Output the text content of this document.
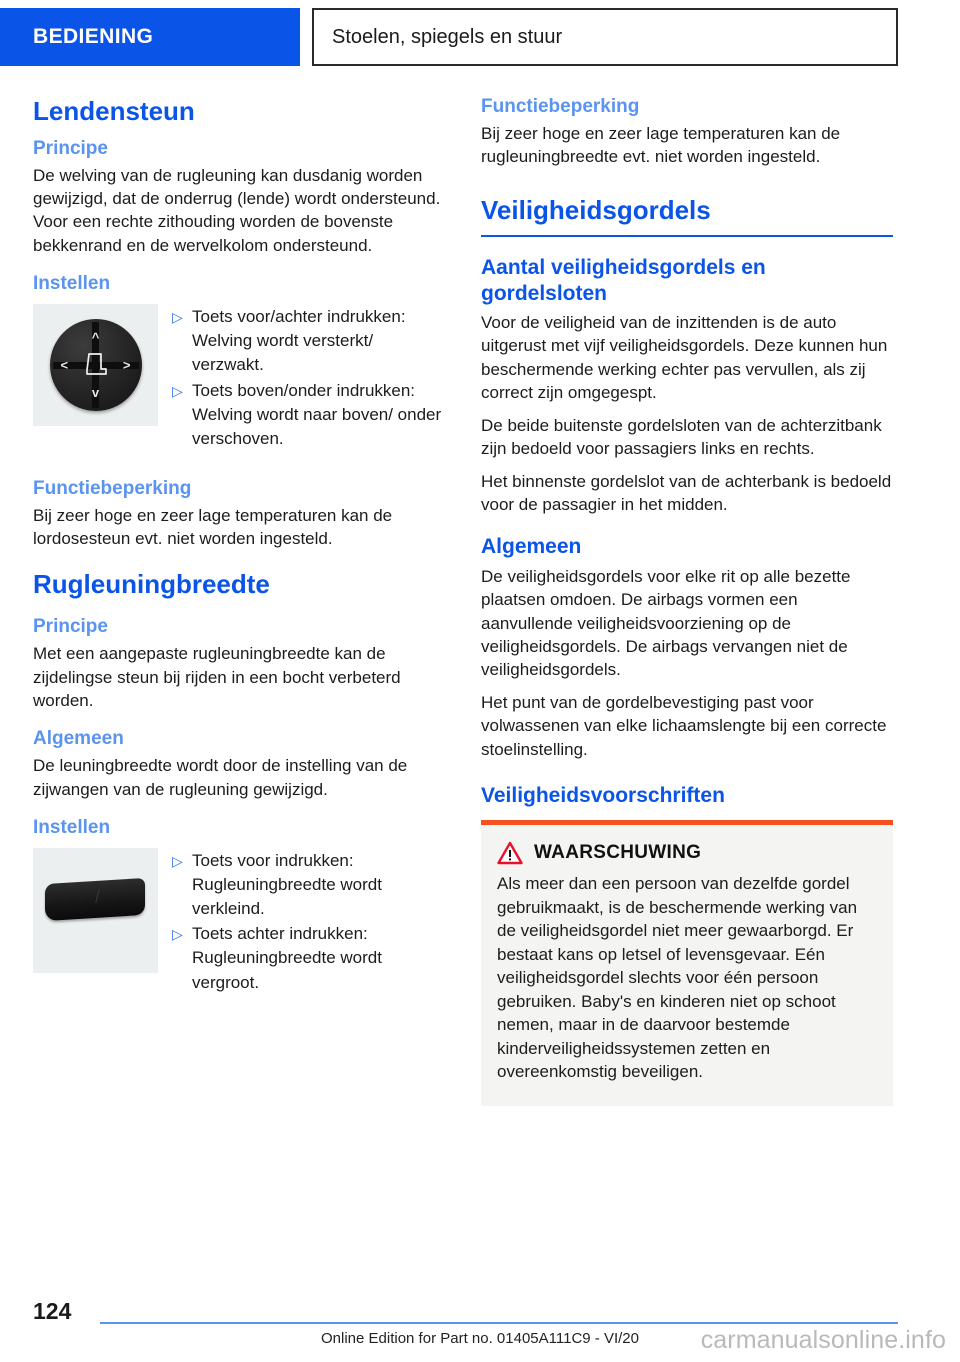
BEDIENING	Stoelen, spiegels en stuur
Lendensteun
Principe

De welving van de rugleuning kan dusdanig worden gewijzigd, dat de onderrug (lende) wordt ondersteund. Voor een rechte zithouding worden de bovenste bekkenrand en de wervelkolom ondersteund.

Instellen
^
v
<	>
▷ Toets voor/achter indrukken:
Welving wordt versterkt/ verzwakt.
▷ Toets boven/onder indrukken:
Welving wordt naar boven/ onder verschoven.
Functiebeperking

Bij zeer hoge en zeer lage temperaturen kan de lordosesteun evt. niet worden ingesteld.

Rugleuningbreedte
Principe

Met een aangepaste rugleuningbreedte kan de zijdelingse steun bij rijden in een bocht verbeterd worden.

Algemeen

De leuningbreedte wordt door de instelling van de zijwangen van de rugleuning gewijzigd.

Instellen
▷ Toets voor indrukken:
Rugleuningbreedte wordt verkleind.
▷ Toets achter indrukken:
Rugleuningbreedte wordt vergroot.
Functiebeperking

Bij zeer hoge en zeer lage temperaturen kan de rugleuningbreedte evt. niet worden ingesteld.

Veiligheidsgordels
Aantal veiligheidsgordels en gordelsloten

Voor de veiligheid van de inzittenden is de auto uitgerust met vijf veiligheidsgordels. Deze kunnen hun beschermende werking echter pas vervullen, als zij correct zijn omgegespt.

De beide buitenste gordelsloten van de achterzitbank zijn bedoeld voor passagiers links en rechts.

Het binnenste gordelslot van de achterbank is bedoeld voor de passagier in het midden.

Algemeen

De veiligheidsgordels voor elke rit op alle bezette plaatsen omdoen. De airbags vormen een aanvullende veiligheidsvoorziening op de veiligheidsgordels. De airbags vervangen niet de veiligheidsgordels.

Het punt van de gordelbevestiging past voor volwassenen van elke lichaamslengte bij een correcte stoelinstelling.

Veiligheidsvoorschriften
WAARSCHUWING
Als meer dan een persoon van dezelfde gordel gebruikmaakt, is de beschermende werking van de veiligheidsgordel niet meer gewaarborgd. Er bestaat kans op letsel of levensgevaar. Eén veiligheidsgordel slechts voor één persoon gebruiken. Baby's en kinderen niet op schoot nemen, maar in de daarvoor bestemde kinderveiligheidssystemen zetten en overeenkomstig beveiligen.
124
Online Edition for Part no. 01405A111C9 - VI/20	carmanualsonline.info
